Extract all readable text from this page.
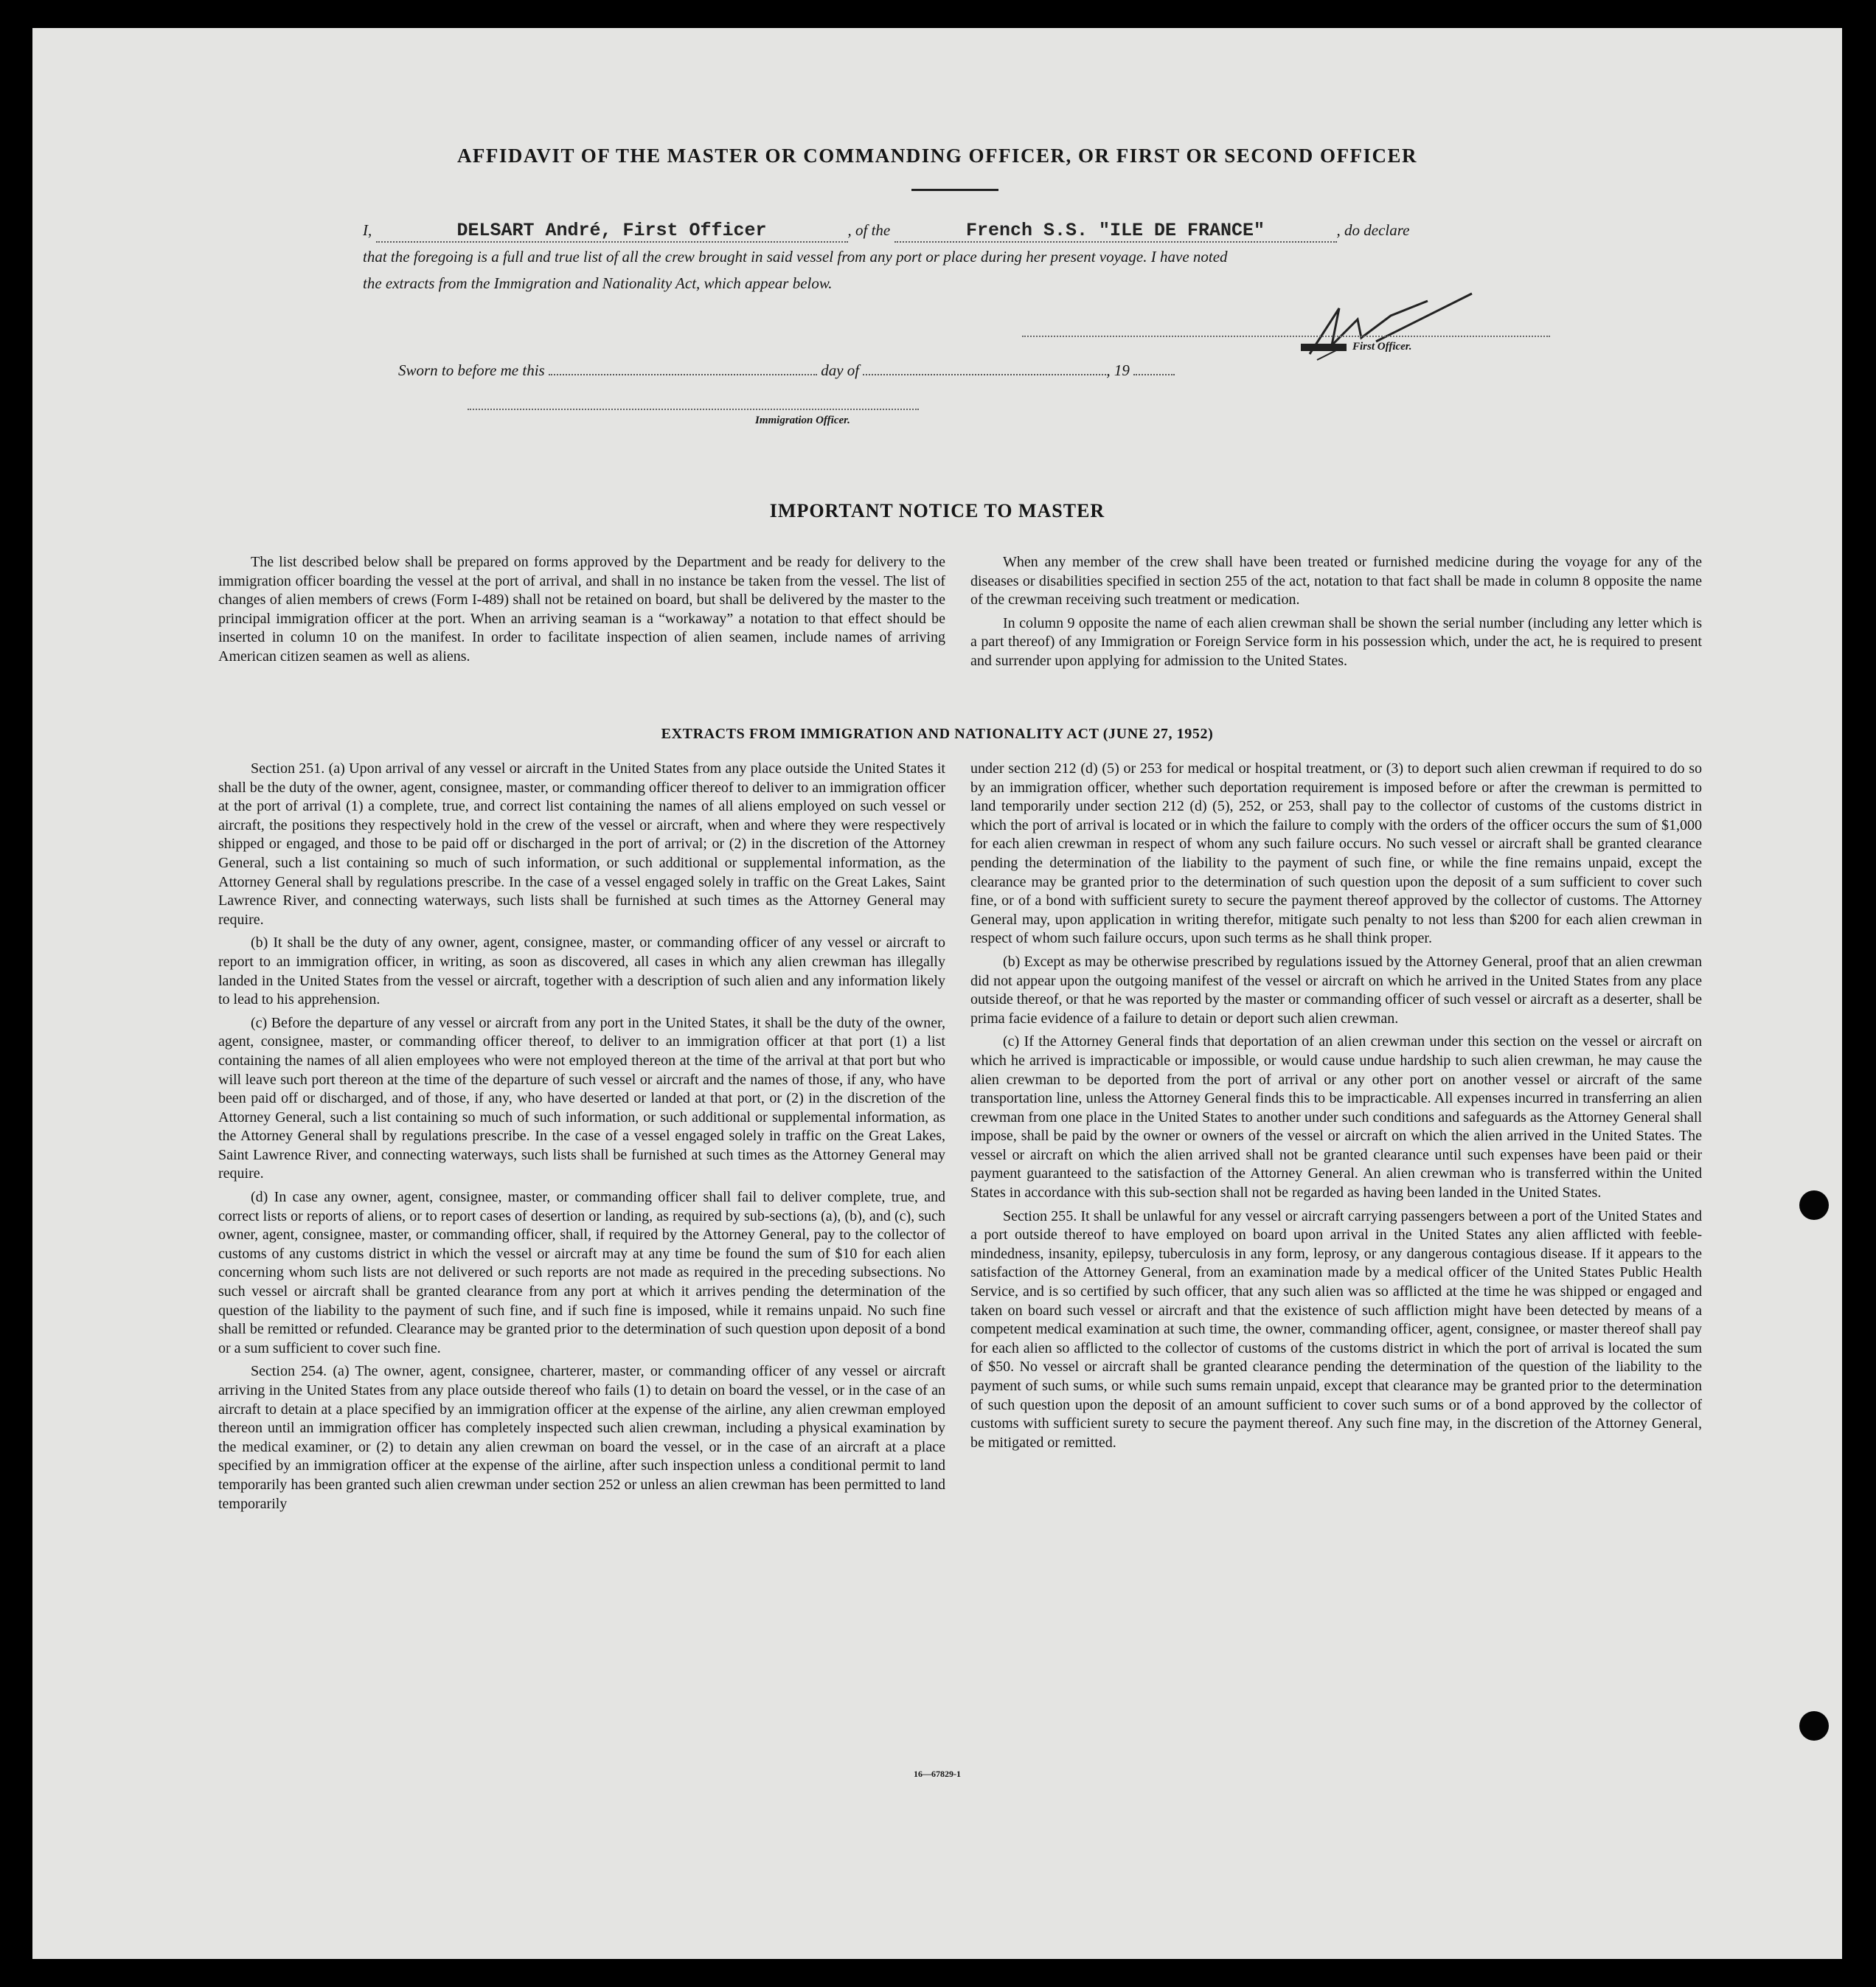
AFFIDAVIT OF THE MASTER OR COMMANDING OFFICER, OR FIRST OR SECOND OFFICER
I,	DELSART André, First Officer	, of the	French S.S. "ILE DE FRANCE"	, do declare
that the foregoing is a full and true list of all the crew brought in said vessel from any port or place during her present voyage. I have noted
the extracts from the Immigration and Nationality Act, which appear below.
First Officer.
Sworn to before me this	day of	, 19
Immigration Officer.
IMPORTANT NOTICE TO MASTER

The list described below shall be prepared on forms approved by the Department and be ready for delivery to the immigration officer boarding the vessel at the port of arrival, and shall in no instance be taken from the vessel. The list of changes of alien members of crews (Form I-489) shall not be retained on board, but shall be delivered by the master to the principal immigration officer at the port. When an arriving seaman is a “workaway” a notation to that effect should be inserted in column 10 on the manifest. In order to facilitate inspection of alien seamen, include names of arriving American citizen seamen as well as aliens.

When any member of the crew shall have been treated or furnished medicine during the voyage for any of the diseases or disabilities specified in section 255 of the act, notation to that fact shall be made in column 8 opposite the name of the crewman receiving such treatment or medication.

In column 9 opposite the name of each alien crewman shall be shown the serial number (including any letter which is a part thereof) of any Immigration or Foreign Service form in his possession which, under the act, he is required to present and surrender upon applying for admission to the United States.

EXTRACTS FROM IMMIGRATION AND NATIONALITY ACT (JUNE 27, 1952)

Section 251. (a) Upon arrival of any vessel or aircraft in the United States from any place outside the United States it shall be the duty of the owner, agent, consignee, master, or commanding officer thereof to deliver to an immigration officer at the port of arrival (1) a complete, true, and correct list containing the names of all aliens employed on such vessel or aircraft, the positions they respectively hold in the crew of the vessel or aircraft, when and where they were respectively shipped or engaged, and those to be paid off or discharged in the port of arrival; or (2) in the discretion of the Attorney General, such a list containing so much of such information, or such additional or supplemental information, as the Attorney General shall by regulations prescribe. In the case of a vessel engaged solely in traffic on the Great Lakes, Saint Lawrence River, and connecting waterways, such lists shall be furnished at such times as the Attorney General may require.

(b) It shall be the duty of any owner, agent, consignee, master, or commanding officer of any vessel or aircraft to report to an immigration officer, in writing, as soon as discovered, all cases in which any alien crewman has illegally landed in the United States from the vessel or aircraft, together with a description of such alien and any information likely to lead to his apprehension.

(c) Before the departure of any vessel or aircraft from any port in the United States, it shall be the duty of the owner, agent, consignee, master, or commanding officer thereof, to deliver to an immigration officer at that port (1) a list containing the names of all alien employees who were not employed thereon at the time of the arrival at that port but who will leave such port thereon at the time of the departure of such vessel or aircraft and the names of those, if any, who have been paid off or discharged, and of those, if any, who have deserted or landed at that port, or (2) in the discretion of the Attorney General, such a list containing so much of such information, or such additional or supplemental information, as the Attorney General shall by regulations prescribe. In the case of a vessel engaged solely in traffic on the Great Lakes, Saint Lawrence River, and connecting waterways, such lists shall be furnished at such times as the Attorney General may require.

(d) In case any owner, agent, consignee, master, or commanding officer shall fail to deliver complete, true, and correct lists or reports of aliens, or to report cases of desertion or landing, as required by sub-sections (a), (b), and (c), such owner, agent, consignee, master, or commanding officer, shall, if required by the Attorney General, pay to the collector of customs of any customs district in which the vessel or aircraft may at any time be found the sum of $10 for each alien concerning whom such lists are not delivered or such reports are not made as required in the preceding subsections. No such vessel or aircraft shall be granted clearance from any port at which it arrives pending the determination of the question of the liability to the payment of such fine, and if such fine is imposed, while it remains unpaid. No such fine shall be remitted or refunded. Clearance may be granted prior to the determination of such question upon deposit of a bond or a sum sufficient to cover such fine.

Section 254. (a) The owner, agent, consignee, charterer, master, or commanding officer of any vessel or aircraft arriving in the United States from any place outside thereof who fails (1) to detain on board the vessel, or in the case of an aircraft to detain at a place specified by an immigration officer at the expense of the airline, any alien crewman employed thereon until an immigration officer has completely inspected such alien crewman, including a physical examination by the medical examiner, or (2) to detain any alien crewman on board the vessel, or in the case of an aircraft at a place specified by an immigration officer at the expense of the airline, after such inspection unless a conditional permit to land temporarily has been granted such alien crewman under section 252 or unless an alien crewman has been permitted to land temporarily

under section 212 (d) (5) or 253 for medical or hospital treatment, or (3) to deport such alien crewman if required to do so by an immigration officer, whether such deportation requirement is imposed before or after the crewman is permitted to land temporarily under section 212 (d) (5), 252, or 253, shall pay to the collector of customs of the customs district in which the port of arrival is located or in which the failure to comply with the orders of the officer occurs the sum of $1,000 for each alien crewman in respect of whom any such failure occurs. No such vessel or aircraft shall be granted clearance pending the determination of the liability to the payment of such fine, or while the fine remains unpaid, except the clearance may be granted prior to the determination of such question upon the deposit of a sum sufficient to cover such fine, or of a bond with sufficient surety to secure the payment thereof approved by the collector of customs. The Attorney General may, upon application in writing therefor, mitigate such penalty to not less than $200 for each alien crewman in respect of whom such failure occurs, upon such terms as he shall think proper.

(b) Except as may be otherwise prescribed by regulations issued by the Attorney General, proof that an alien crewman did not appear upon the outgoing manifest of the vessel or aircraft on which he arrived in the United States from any place outside thereof, or that he was reported by the master or commanding officer of such vessel or aircraft as a deserter, shall be prima facie evidence of a failure to detain or deport such alien crewman.

(c) If the Attorney General finds that deportation of an alien crewman under this section on the vessel or aircraft on which he arrived is impracticable or impossible, or would cause undue hardship to such alien crewman, he may cause the alien crewman to be deported from the port of arrival or any other port on another vessel or aircraft of the same transportation line, unless the Attorney General finds this to be impracticable. All expenses incurred in transferring an alien crewman from one place in the United States to another under such conditions and safeguards as the Attorney General shall impose, shall be paid by the owner or owners of the vessel or aircraft on which the alien arrived in the United States. The vessel or aircraft on which the alien arrived shall not be granted clearance until such expenses have been paid or their payment guaranteed to the satisfaction of the Attorney General. An alien crewman who is transferred within the United States in accordance with this sub-section shall not be regarded as having been landed in the United States.

Section 255. It shall be unlawful for any vessel or aircraft carrying passengers between a port of the United States and a port outside thereof to have employed on board upon arrival in the United States any alien afflicted with feeble-mindedness, insanity, epilepsy, tuberculosis in any form, leprosy, or any dangerous contagious disease. If it appears to the satisfaction of the Attorney General, from an examination made by a medical officer of the United States Public Health Service, and is so certified by such officer, that any such alien was so afflicted at the time he was shipped or engaged and taken on board such vessel or aircraft and that the existence of such affliction might have been detected by means of a competent medical examination at such time, the owner, commanding officer, agent, consignee, or master thereof shall pay for each alien so afflicted to the collector of customs of the customs district in which the port of arrival is located the sum of $50. No vessel or aircraft shall be granted clearance pending the determination of the question of the liability to the payment of such sums, or while such sums remain unpaid, except that clearance may be granted prior to the determination of such question upon the deposit of an amount sufficient to cover such sums or of a bond approved by the collector of customs with sufficient surety to secure the payment thereof. Any such fine may, in the discretion of the Attorney General, be mitigated or remitted.

16—67829-1
